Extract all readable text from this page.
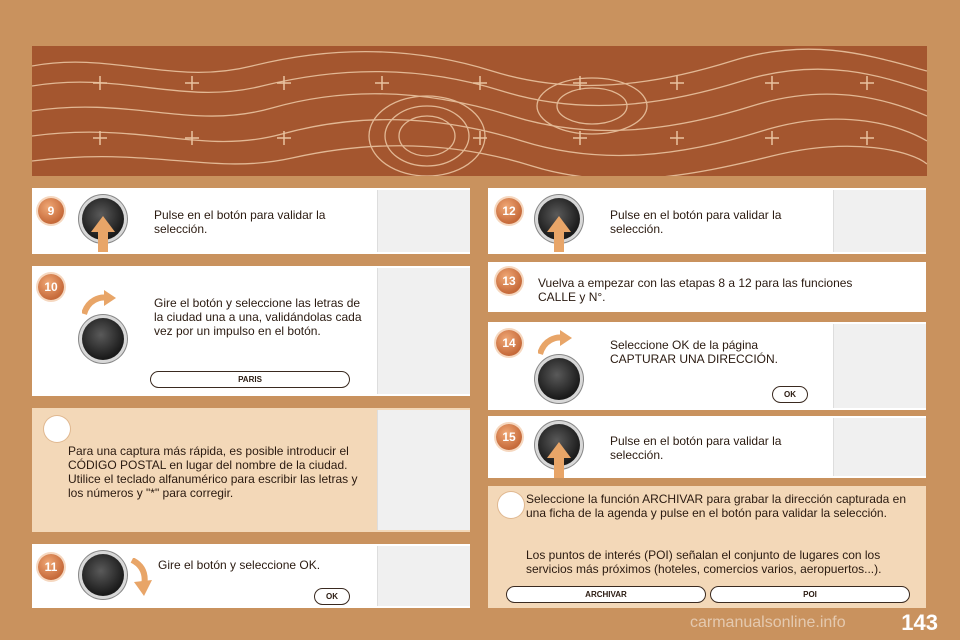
9	Pulse en el botón para validar la selección.
10
Gire el botón y seleccione las letras de la ciudad una a una, validándolas cada vez por un impulso en el botón.
PARIS
Para una captura más rápida, es posible introducir el CÓDIGO POSTAL en lugar del nombre de la ciudad. Utilice el teclado alfanumérico para escribir las letras y los números y "*" para corregir.
11	Gire el botón y seleccione OK.
OK
12	Pulse en el botón para validar la selección.
13	Vuelva a empezar con las etapas 8 a 12 para las funciones CALLE y N°.
14	Seleccione OK de la página CAPTURAR UNA DIRECCIÓN.
OK
15	Pulse en el botón para validar la selección.
Seleccione la función ARCHIVAR para grabar la dirección capturada en una ficha de la agenda y pulse en el botón para validar la selección.
Los puntos de interés (POI) señalan el conjunto de lugares con los servicios más próximos (hoteles, comercios varios, aeropuertos...).
ARCHIVAR	POI
143
carmanualsonline.info
